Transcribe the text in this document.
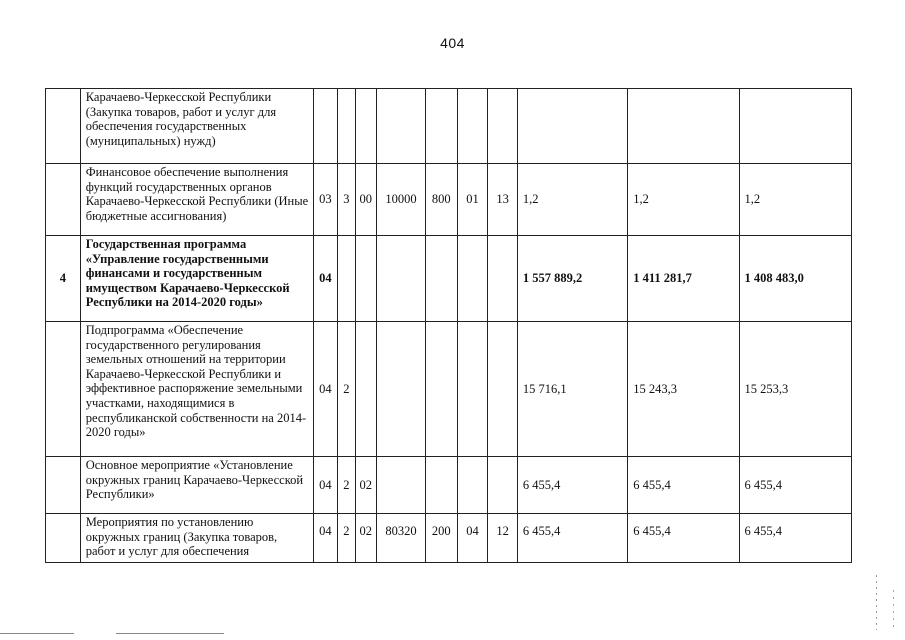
404
	Карачаево-Черкесской Республики (Закупка товаров, работ и услуг для обеспечения государственных (муниципальных) нужд)										
	Финансовое обеспечение выполнения функций государственных органов Карачаево-Черкесской Республики (Иные бюджетные ассигнования)	03	3	00	10000	800	01	13	1,2	1,2	1,2
4	Государственная программа «Управление государственными финансами и государственным имуществом Карачаево-Черкесской Республики на 2014-2020 годы»	04							1 557 889,2	1 411 281,7	1 408 483,0
	Подпрограмма «Обеспечение государственного регулирования земельных отношений на территории Карачаево-Черкесской Республики и эффективное распоряжение земельными участками, находящимися в республиканской собственности на 2014-2020 годы»	04	2						15 716,1	15 243,3	15 253,3
	Основное мероприятие «Установление окружных границ Карачаево-Черкесской Республики»	04	2	02					6 455,4	6 455,4	6 455,4
	Мероприятия по установлению окружных границ (Закупка товаров, работ и услуг для обеспечения	04	2	02	80320	200	04	12	6 455,4	6 455,4	6 455,4
